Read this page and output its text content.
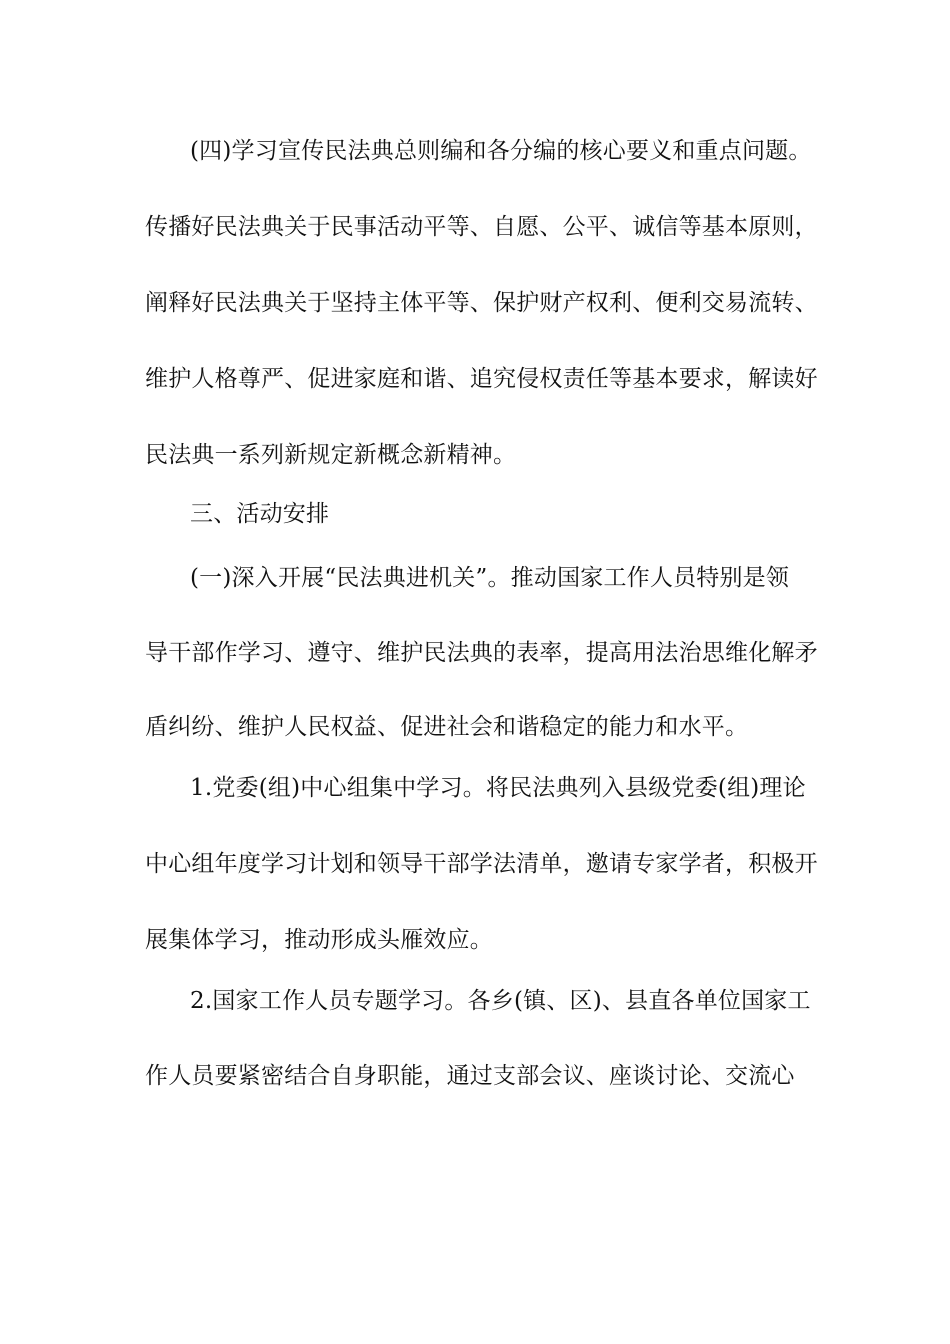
(四)学习宣传民法典总则编和各分编的核心要义和重点问题。
传播好民法典关于民事活动平等、自愿、公平、诚信等基本原则，
阐释好民法典关于坚持主体平等、保护财产权利、便利交易流转、
维护人格尊严、促进家庭和谐、追究侵权责任等基本要求，解读好
民法典一系列新规定新概念新精神。
三、活动安排
(一)深入开展“民法典进机关”。推动国家工作人员特别是领
导干部作学习、遵守、维护民法典的表率，提高用法治思维化解矛
盾纠纷、维护人民权益、促进社会和谐稳定的能力和水平。
1.党委(组)中心组集中学习。将民法典列入县级党委(组)理论
中心组年度学习计划和领导干部学法清单，邀请专家学者，积极开
展集体学习，推动形成头雁效应。
2.国家工作人员专题学习。各乡(镇、区)、县直各单位国家工
作人员要紧密结合自身职能，通过支部会议、座谈讨论、交流心
